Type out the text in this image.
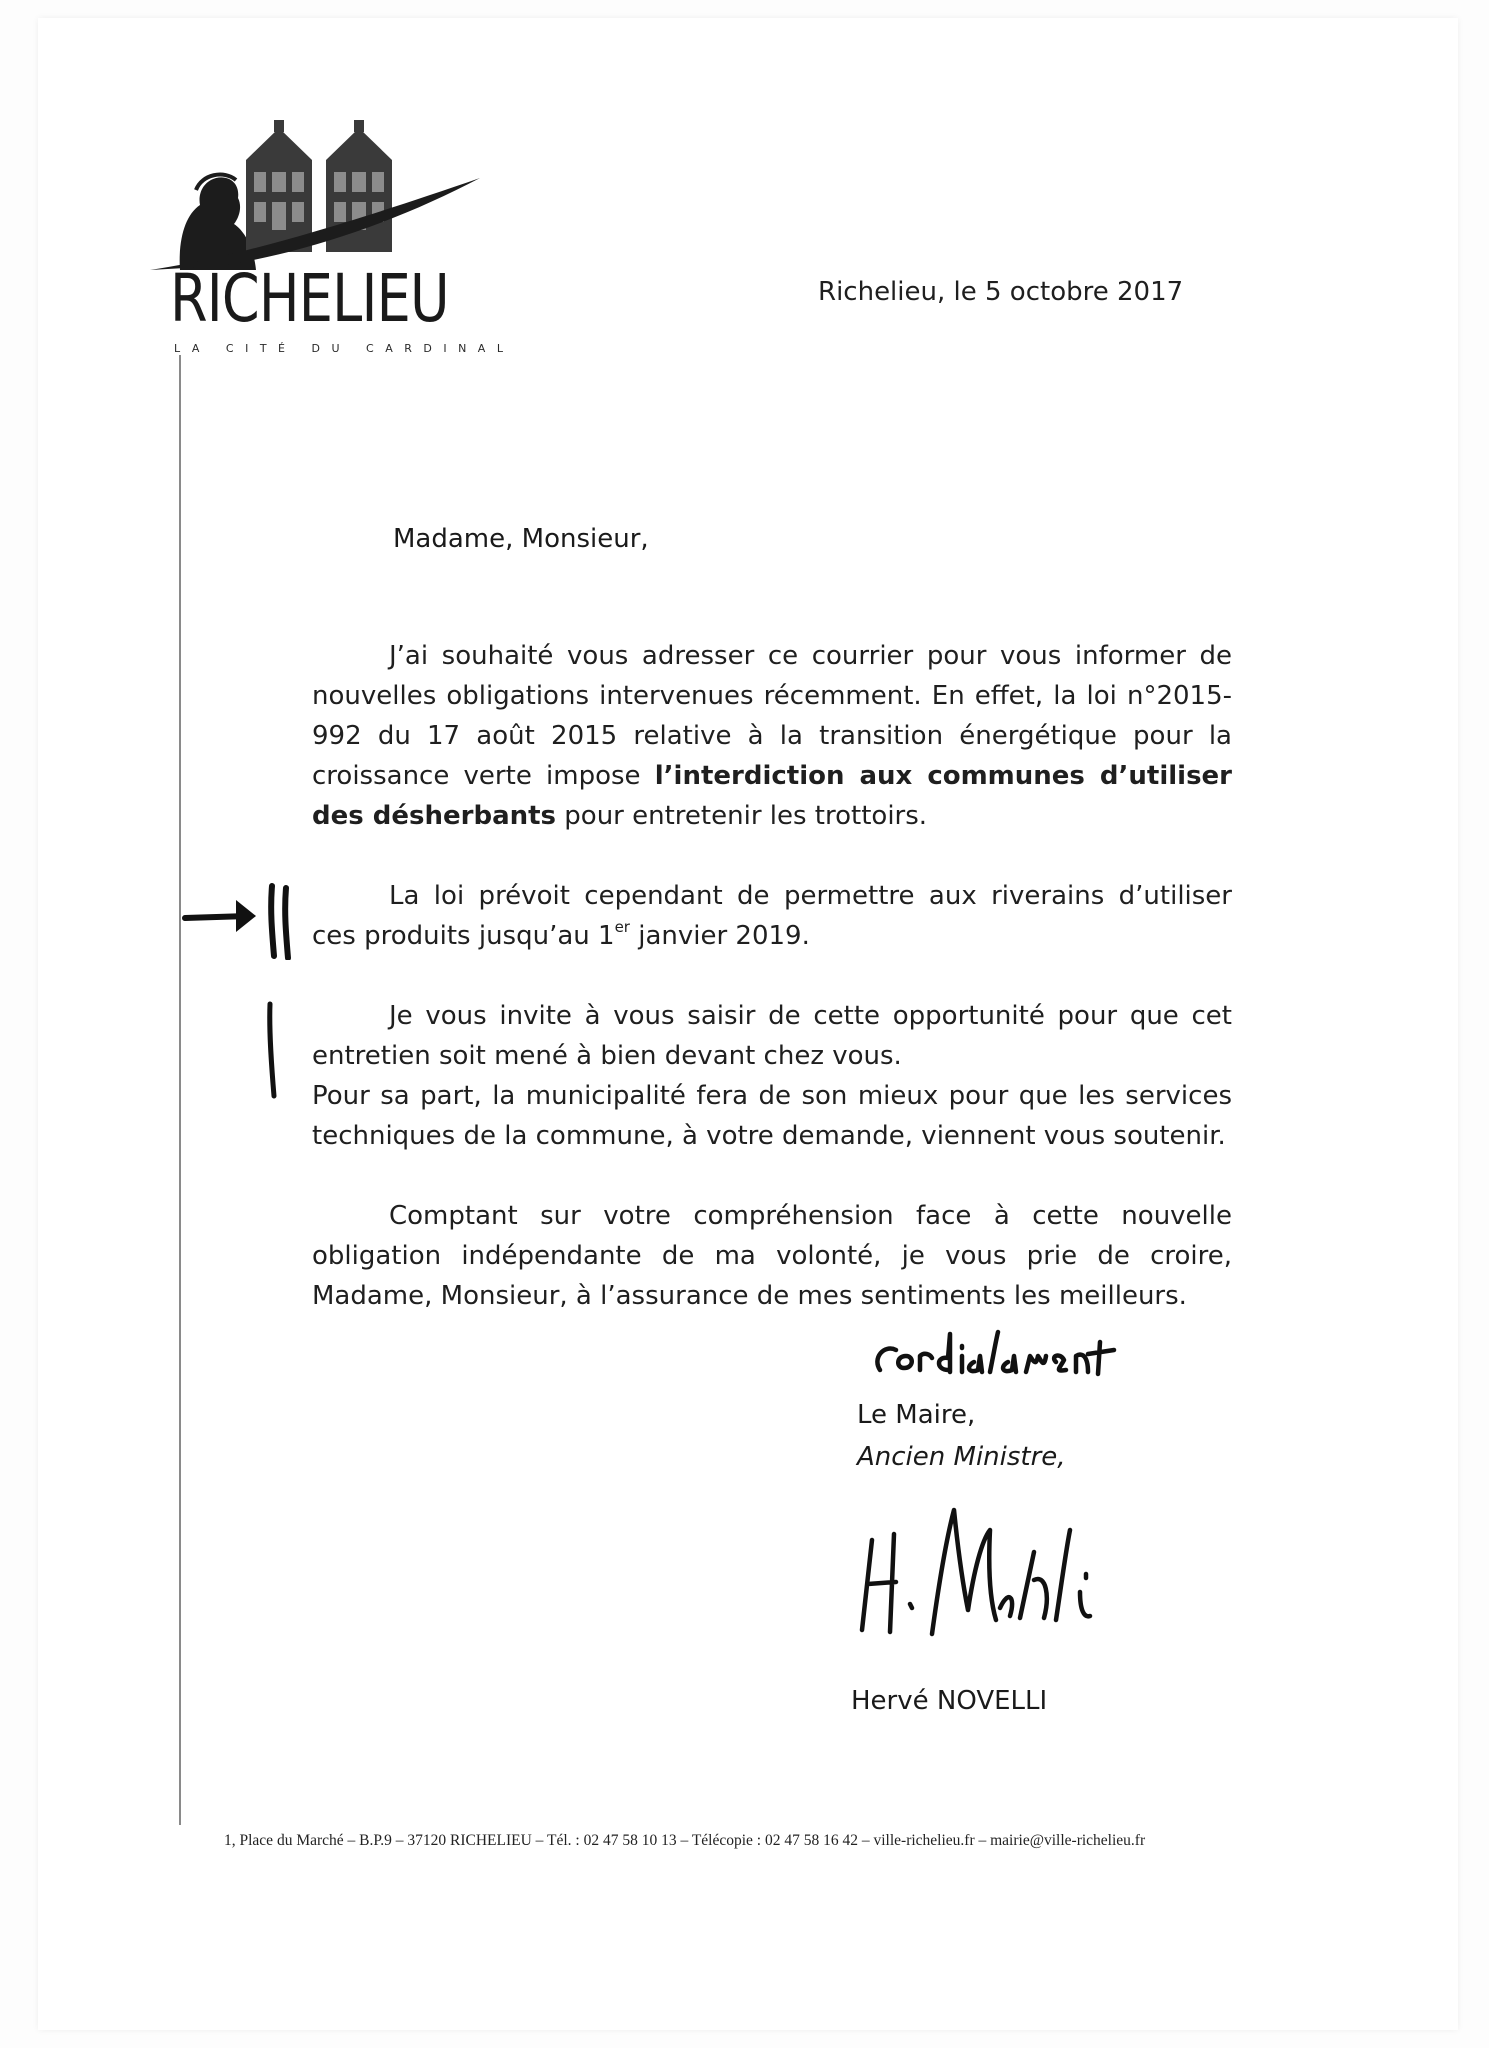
RICHELIEU
LA CITÉ DU CARDINAL
Richelieu, le 5 octobre 2017
Madame, Monsieur,
J’ai souhaité vous adresser ce courrier pour vous informer de nouvelles obligations intervenues récemment. En effet, la loi n°2015-992 du 17 août 2015 relative à la transition énergétique pour la croissance verte impose l’interdiction aux communes d’utiliser des désherbants pour entretenir les trottoirs.
La loi prévoit cependant de permettre aux riverains d’utiliser ces produits jusqu’au 1er janvier 2019.
Je vous invite à vous saisir de cette opportunité pour que cet entretien soit mené à bien devant chez vous.
Pour sa part, la municipalité fera de son mieux pour que les services techniques de la commune, à votre demande, viennent vous soutenir.
Comptant sur votre compréhension face à cette nouvelle obligation indépendante de ma volonté, je vous prie de croire, Madame, Monsieur, à l’assurance de mes sentiments les meilleurs.
Le Maire,
Ancien Ministre,
Hervé NOVELLI
1, Place du Marché – B.P.9 – 37120 RICHELIEU – Tél. : 02 47 58 10 13 – Télécopie : 02 47 58 16 42 – ville-richelieu.fr – mairie@ville-richelieu.fr
